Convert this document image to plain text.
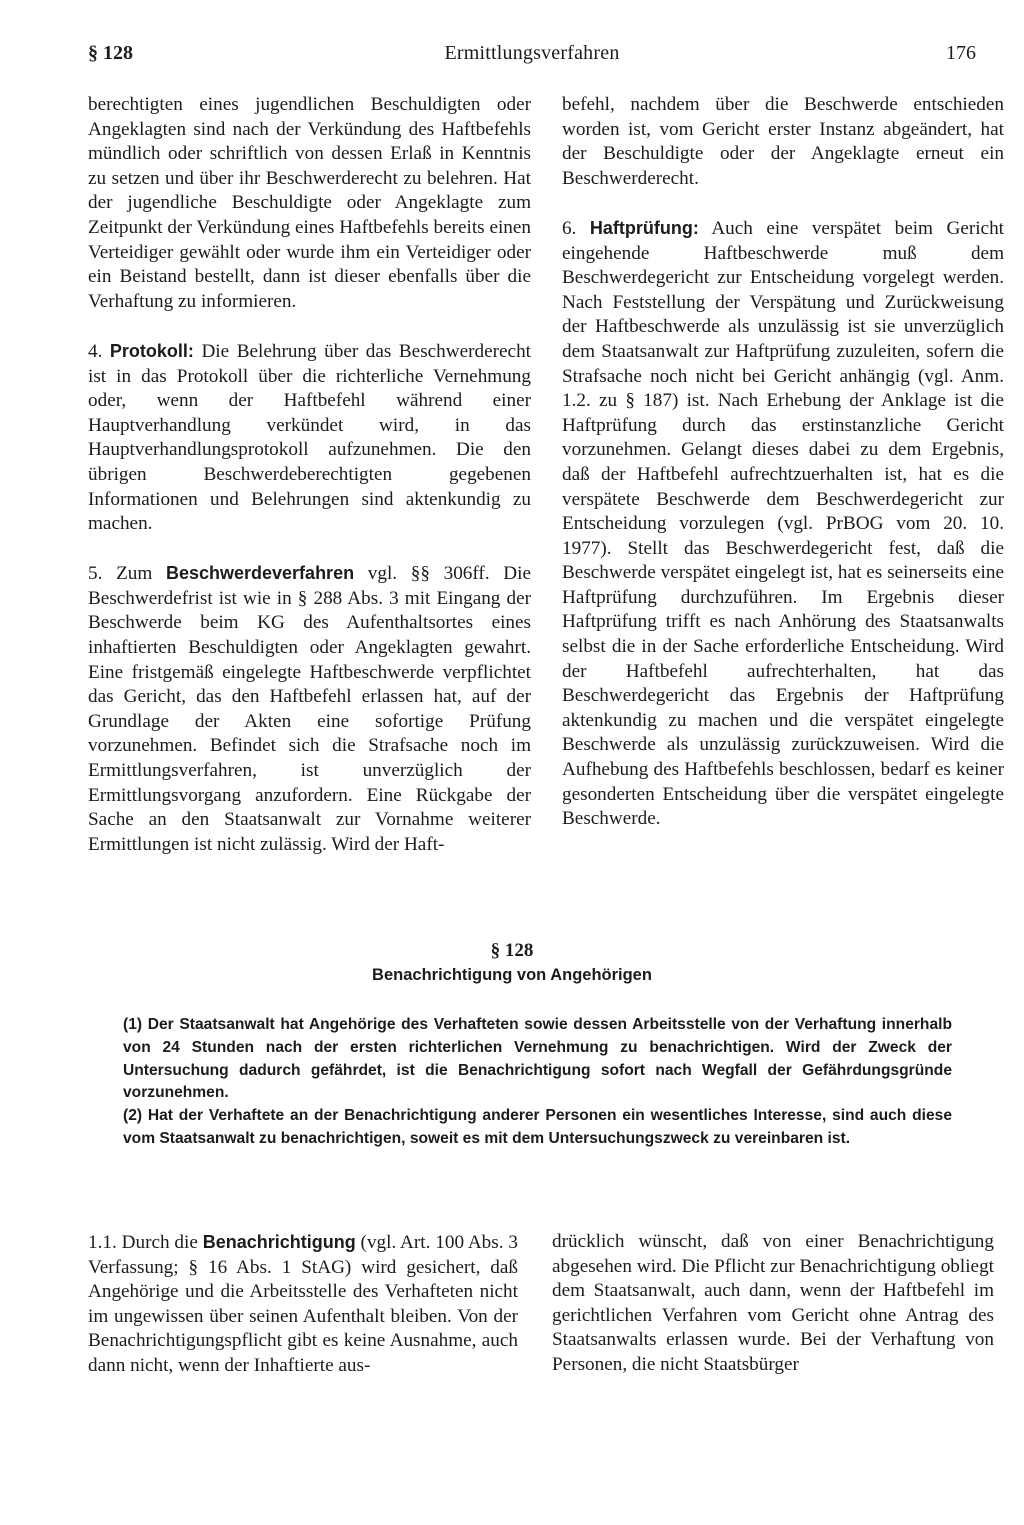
§ 128	Ermittlungsverfahren	176

berechtigten eines jugendlichen Beschuldigten oder Angeklagten sind nach der Verkündung des Haftbefehls mündlich oder schriftlich von dessen Erlaß in Kenntnis zu setzen und über ihr Beschwerderecht zu belehren. Hat der jugendliche Beschuldigte oder Angeklagte zum Zeitpunkt der Verkündung eines Haftbefehls bereits einen Verteidiger gewählt oder wurde ihm ein Verteidiger oder ein Beistand bestellt, dann ist dieser ebenfalls über die Verhaftung zu informieren.

4. Protokoll: Die Belehrung über das Beschwerderecht ist in das Protokoll über die richterliche Vernehmung oder, wenn der Haftbefehl während einer Hauptverhandlung verkündet wird, in das Hauptverhandlungsprotokoll aufzunehmen. Die den übrigen Beschwerdeberechtigten gegebenen Informationen und Belehrungen sind aktenkundig zu machen.

5. Zum Beschwerdeverfahren vgl. §§ 306ff. Die Beschwerdefrist ist wie in § 288 Abs. 3 mit Eingang der Beschwerde beim KG des Aufenthaltsortes eines inhaftierten Beschuldigten oder Angeklagten gewahrt. Eine fristgemäß eingelegte Haftbeschwerde verpflichtet das Gericht, das den Haftbefehl erlassen hat, auf der Grundlage der Akten eine sofortige Prüfung vorzunehmen. Befindet sich die Strafsache noch im Ermittlungsverfahren, ist unverzüglich der Ermittlungsvorgang anzufordern. Eine Rückgabe der Sache an den Staatsanwalt zur Vornahme weiterer Ermittlungen ist nicht zulässig. Wird der Haft-

befehl, nachdem über die Beschwerde entschieden worden ist, vom Gericht erster Instanz abgeändert, hat der Beschuldigte oder der Angeklagte erneut ein Beschwerderecht.

6. Haftprüfung: Auch eine verspätet beim Gericht eingehende Haftbeschwerde muß dem Beschwerdegericht zur Entscheidung vorgelegt werden. Nach Feststellung der Verspätung und Zurückweisung der Haftbeschwerde als unzulässig ist sie unverzüglich dem Staatsanwalt zur Haftprüfung zuzuleiten, sofern die Strafsache noch nicht bei Gericht anhängig (vgl. Anm. 1.2. zu § 187) ist. Nach Erhebung der Anklage ist die Haftprüfung durch das erstinstanzliche Gericht vorzunehmen. Gelangt dieses dabei zu dem Ergebnis, daß der Haftbefehl aufrechtzuerhalten ist, hat es die verspätete Beschwerde dem Beschwerdegericht zur Entscheidung vorzulegen (vgl. PrBOG vom 20. 10. 1977). Stellt das Beschwerdegericht fest, daß die Beschwerde verspätet eingelegt ist, hat es seinerseits eine Haftprüfung durchzuführen. Im Ergebnis dieser Haftprüfung trifft es nach Anhörung des Staatsanwalts selbst die in der Sache erforderliche Entscheidung. Wird der Haftbefehl aufrechterhalten, hat das Beschwerdegericht das Ergebnis der Haftprüfung aktenkundig zu machen und die verspätet eingelegte Beschwerde als unzulässig zurückzuweisen. Wird die Aufhebung des Haftbefehls beschlossen, bedarf es keiner gesonderten Entscheidung über die verspätet eingelegte Beschwerde.

§ 128
Benachrichtigung von Angehörigen

(1) Der Staatsanwalt hat Angehörige des Verhafteten sowie dessen Arbeitsstelle von der Verhaftung innerhalb von 24 Stunden nach der ersten richterlichen Vernehmung zu benachrichtigen. Wird der Zweck der Untersuchung dadurch gefährdet, ist die Benachrichtigung sofort nach Wegfall der Gefährdungsgründe vorzunehmen.

(2) Hat der Verhaftete an der Benachrichtigung anderer Personen ein wesentliches Interesse, sind auch diese vom Staatsanwalt zu benachrichtigen, soweit es mit dem Untersuchungszweck zu vereinbaren ist.

1.1. Durch die Benachrichtigung (vgl. Art. 100 Abs. 3 Verfassung; § 16 Abs. 1 StAG) wird gesichert, daß Angehörige und die Arbeitsstelle des Verhafteten nicht im ungewissen über seinen Aufenthalt bleiben. Von der Benachrichtigungspflicht gibt es keine Ausnahme, auch dann nicht, wenn der Inhaftierte aus-

drücklich wünscht, daß von einer Benachrichtigung abgesehen wird. Die Pflicht zur Benachrichtigung obliegt dem Staatsanwalt, auch dann, wenn der Haftbefehl im gerichtlichen Verfahren vom Gericht ohne Antrag des Staatsanwalts erlassen wurde. Bei der Verhaftung von Personen, die nicht Staatsbürger
